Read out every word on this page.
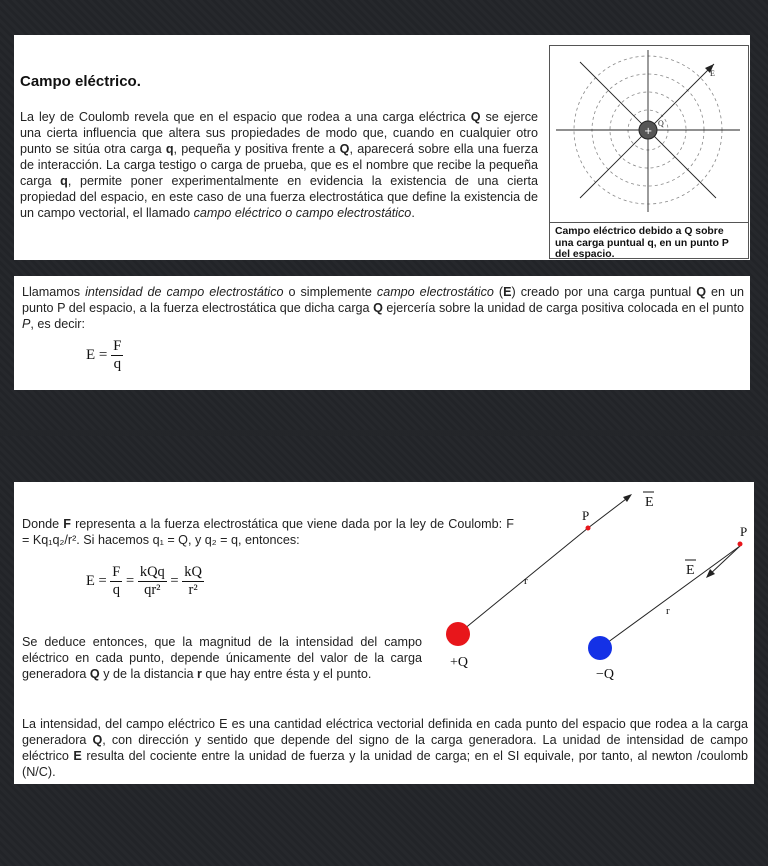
Campo eléctrico.

La ley de Coulomb revela que en el espacio que rodea a una carga eléctrica Q se ejerce una cierta influencia que altera sus propiedades de modo que, cuando en cualquier otro punto se sitúa otra carga q, pequeña y positiva frente a Q, aparecerá sobre ella una fuerza de interacción. La carga testigo o carga de prueba, que es el nombre que recibe la pequeña carga q, permite poner experimentalmente en evidencia la existencia de una cierta propiedad del espacio, en este caso de una fuerza electrostática que define la existencia de un campo vectorial, el llamado campo eléctrico o campo electrostático.

+
Q
E
Campo eléctrico debido a Q sobre una carga puntual q, en un punto P del espacio.

Llamamos intensidad de campo electrostático o simplemente campo electrostático (E) creado por una carga puntual Q en un punto P del espacio, a la fuerza electrostática que dicha carga Q ejercería sobre la unidad de carga positiva colocada en el punto P, es decir:

$E = \frac{F}{q}$

Donde F representa a la fuerza electrostática que viene dada por la ley de Coulomb: F = Kq₁q₂/r². Si hacemos q₁ = Q, y q₂ = q, entonces:

$E = \frac{F}{q} = \frac{\text{kQq}}{\text{qr²}} = \frac{kQ}{\text{r²}}$

Se deduce entonces, que la magnitud de la intensidad del campo eléctrico en cada punto, depende únicamente del valor de la carga generadora Q y de la distancia r que hay entre ésta y el punto.

La intensidad, del campo eléctrico E es una cantidad eléctrica vectorial definida en cada punto del espacio que rodea a la carga generadora Q, con dirección y sentido que depende del signo de la carga generadora. La unidad de intensidad de campo eléctrico E resulta del cociente entre la unidad de fuerza y la unidad de carga; en el SI equivale, por tanto, al newton /coulomb (N/C).

P
E
r
+Q
P
E
r
−Q
